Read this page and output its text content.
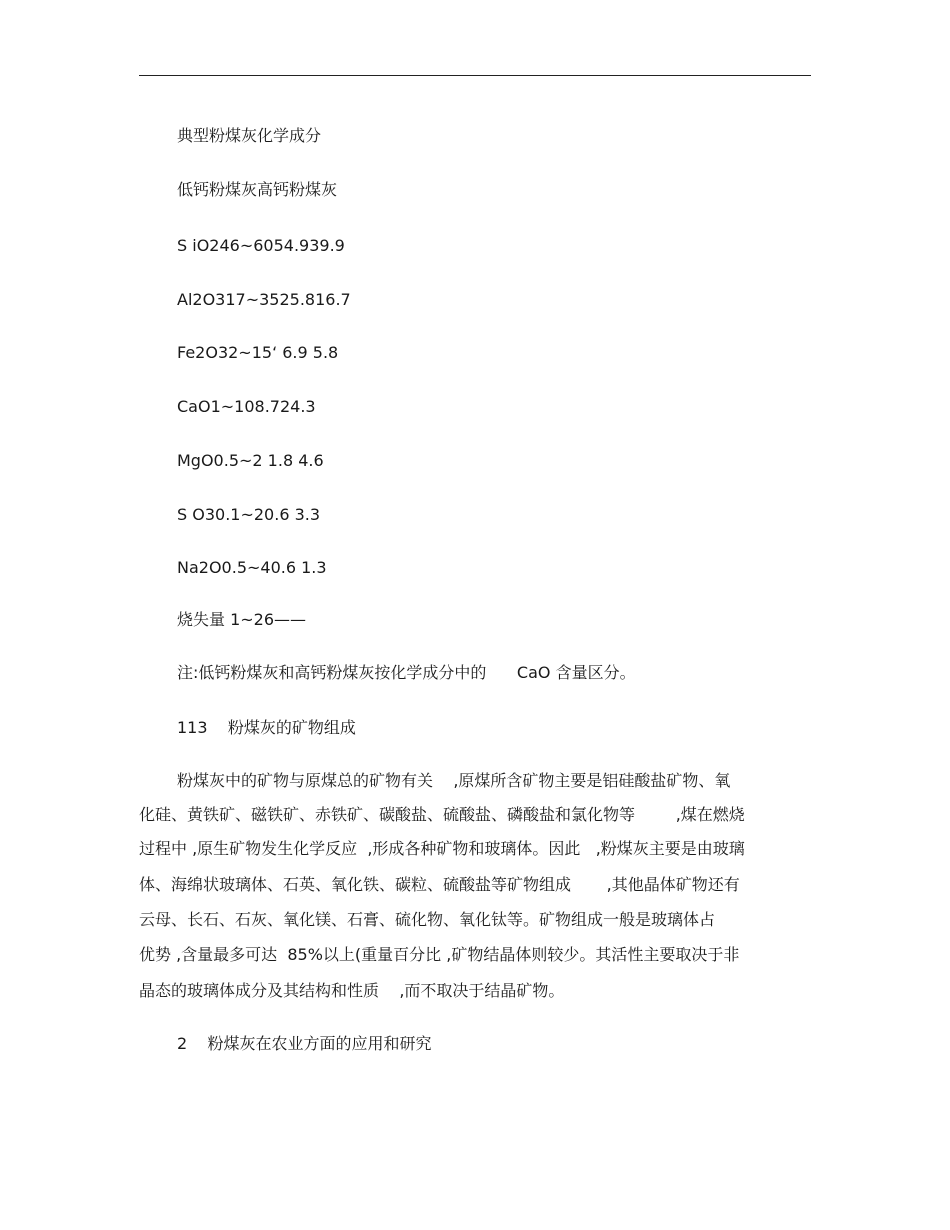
典型粉煤灰化学成分
低钙粉煤灰高钙粉煤灰
S iO246~6054.939.9
Al2O317~3525.816.7
Fe2O32~15‘ 6.9 5.8
CaO1~108.724.3
MgO0.5~2 1.8 4.6
S O30.1~20.6 3.3
Na2O0.5~40.6 1.3
烧失量 1~26——
注:低钙粉煤灰和高钙粉煤灰按化学成分中的      CaO 含量区分。
113    粉煤灰的矿物组成
粉煤灰中的矿物与原煤总的矿物有关    ,原煤所含矿物主要是铝硅酸盐矿物、氧
化硅、黄铁矿、磁铁矿、赤铁矿、碳酸盐、硫酸盐、磷酸盐和氯化物等        ,煤在燃烧
过程中 ,原生矿物发生化学反应  ,形成各种矿物和玻璃体。因此   ,粉煤灰主要是由玻璃
体、海绵状玻璃体、石英、氧化铁、碳粒、硫酸盐等矿物组成       ,其他晶体矿物还有
云母、长石、石灰、氧化镁、石膏、硫化物、氧化钛等。矿物组成一般是玻璃体占
优势 ,含量最多可达  85%以上(重量百分比 ,矿物结晶体则较少。其活性主要取决于非
晶态的玻璃体成分及其结构和性质    ,而不取决于结晶矿物。
2    粉煤灰在农业方面的应用和研究
